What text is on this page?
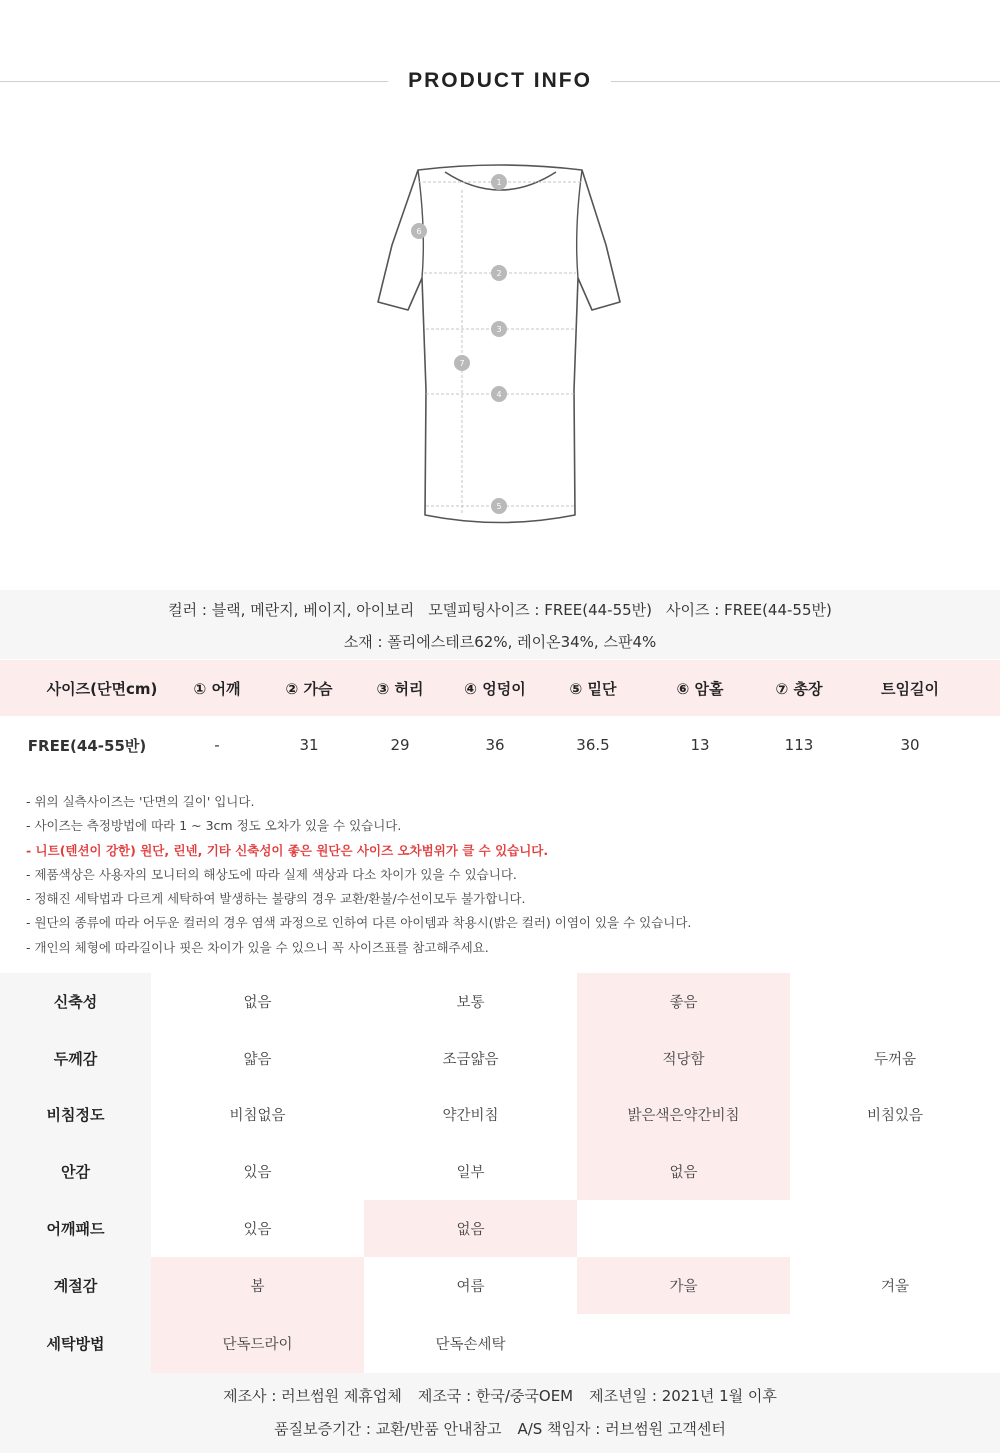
PRODUCT INFO
1
2
3
4
5
6
7
컬러 : 블랙, 메란지, 베이지, 아이보리 모델피팅사이즈 : FREE(44-55반) 사이즈 : FREE(44-55반)
소재 : 폴리에스테르62%, 레이온34%, 스판4%
사이즈(단면cm)	① 어깨	② 가슴	③ 허리	④ 엉덩이	⑤ 밑단	⑥ 암홀	⑦ 총장	트임길이
FREE(44-55반)	-	31	29	36	36.5	13	113	30
- 위의 실측사이즈는 '단면의 길이' 입니다.
- 사이즈는 측정방법에 따라 1 ~ 3cm 정도 오차가 있을 수 있습니다.
- 니트(텐션이 강한) 원단, 린넨, 기타 신축성이 좋은 원단은 사이즈 오차범위가 클 수 있습니다.
- 제품색상은 사용자의 모니터의 해상도에 따라 실제 색상과 다소 차이가 있을 수 있습니다.
- 정해진 세탁법과 다르게 세탁하여 발생하는 불량의 경우 교환/환불/수선이모두 불가합니다.
- 원단의 종류에 따라 어두운 컬러의 경우 염색 과정으로 인하여 다른 아이템과 착용시(밝은 컬러) 이염이 있을 수 있습니다.
- 개인의 체형에 따라길이나 핏은 차이가 있을 수 있으니 꼭 사이즈표를 참고해주세요.
신축성	없음	보통	좋음
두께감	얇음	조금얇음	적당함	두꺼움
비침정도	비침없음	약간비침	밝은색은약간비침	비침있음
안감	있음	일부	없음
어깨패드	있음	없음
계절감	봄	여름	가을	겨울
세탁방법	단독드라이	단독손세탁
제조사 : 러브썸원 제휴업체 제조국 : 한국/중국OEM 제조년일 : 2021년 1월 이후
품질보증기간 : 교환/반품 안내참고 A/S 책임자 : 러브썸원 고객센터
